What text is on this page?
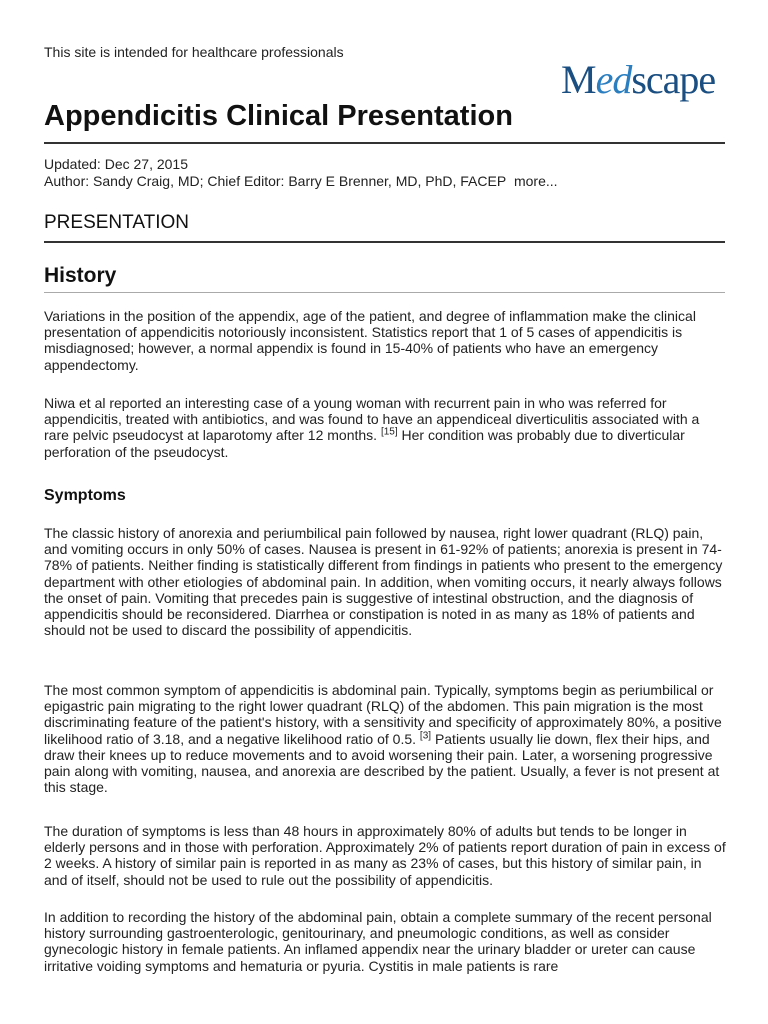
This site is intended for healthcare professionals
Medscape
Appendicitis Clinical Presentation
Updated: Dec 27, 2015
Author: Sandy Craig, MD; Chief Editor: Barry E Brenner, MD, PhD, FACEP more...
PRESENTATION
History

Variations in the position of the appendix, age of the patient, and degree of inflammation make the clinical presentation of appendicitis notoriously inconsistent. Statistics report that 1 of 5 cases of appendicitis is misdiagnosed; however, a normal appendix is found in 15-40% of patients who have an emergency appendectomy.

Niwa et al reported an interesting case of a young woman with recurrent pain in who was referred for appendicitis, treated with antibiotics, and was found to have an appendiceal diverticulitis associated with a rare pelvic pseudocyst at laparotomy after 12 months. [15] Her condition was probably due to diverticular perforation of the pseudocyst.

Symptoms

The classic history of anorexia and periumbilical pain followed by nausea, right lower quadrant (RLQ) pain, and vomiting occurs in only 50% of cases. Nausea is present in 61-92% of patients; anorexia is present in 74-78% of patients. Neither finding is statistically different from findings in patients who present to the emergency department with other etiologies of abdominal pain. In addition, when vomiting occurs, it nearly always follows the onset of pain. Vomiting that precedes pain is suggestive of intestinal obstruction, and the diagnosis of appendicitis should be reconsidered. Diarrhea or constipation is noted in as many as 18% of patients and should not be used to discard the possibility of appendicitis.

The most common symptom of appendicitis is abdominal pain. Typically, symptoms begin as periumbilical or epigastric pain migrating to the right lower quadrant (RLQ) of the abdomen. This pain migration is the most discriminating feature of the patient's history, with a sensitivity and specificity of approximately 80%, a positive likelihood ratio of 3.18, and a negative likelihood ratio of 0.5. [3] Patients usually lie down, flex their hips, and draw their knees up to reduce movements and to avoid worsening their pain. Later, a worsening progressive pain along with vomiting, nausea, and anorexia are described by the patient. Usually, a fever is not present at this stage.

The duration of symptoms is less than 48 hours in approximately 80% of adults but tends to be longer in elderly persons and in those with perforation. Approximately 2% of patients report duration of pain in excess of 2 weeks. A history of similar pain is reported in as many as 23% of cases, but this history of similar pain, in and of itself, should not be used to rule out the possibility of appendicitis.

In addition to recording the history of the abdominal pain, obtain a complete summary of the recent personal history surrounding gastroenterologic, genitourinary, and pneumologic conditions, as well as consider gynecologic history in female patients. An inflamed appendix near the urinary bladder or ureter can cause irritative voiding symptoms and hematuria or pyuria. Cystitis in male patients is rare
